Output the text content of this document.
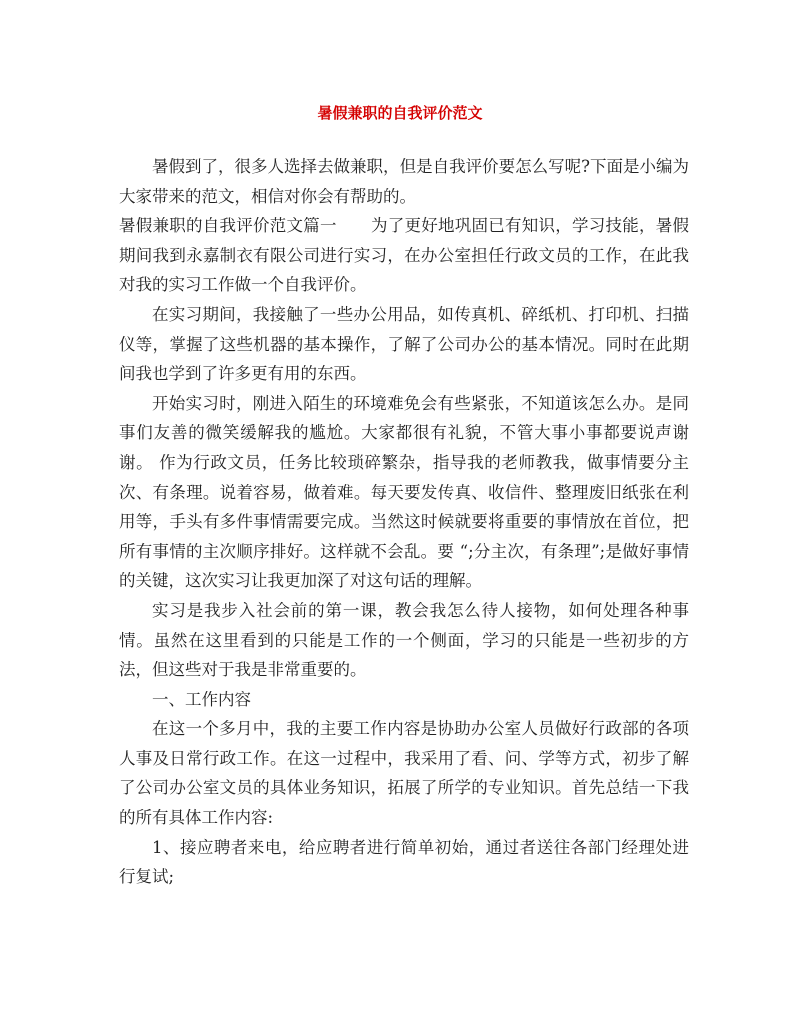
暑假兼职的自我评价范文

暑假到了，很多人选择去做兼职，但是自我评价要怎么写呢?下面是小编为大家带来的范文，相信对你会有帮助的。

暑假兼职的自我评价范文篇一 为了更好地巩固已有知识，学习技能，暑假期间我到永嘉制衣有限公司进行实习，在办公室担任行政文员的工作，在此我对我的实习工作做一个自我评价。

在实习期间，我接触了一些办公用品，如传真机、碎纸机、打印机、扫描仪等，掌握了这些机器的基本操作，了解了公司办公的基本情况。同时在此期间我也学到了许多更有用的东西。

开始实习时，刚进入陌生的环境难免会有些紧张，不知道该怎么办。是同事们友善的微笑缓解我的尴尬。大家都很有礼貌，不管大事小事都要说声谢谢。 作为行政文员，任务比较琐碎繁杂，指导我的老师教我，做事情要分主次、有条理。说着容易，做着难。每天要发传真、收信件、整理废旧纸张在利用等，手头有多件事情需要完成。当然这时候就要将重要的事情放在首位，把所有事情的主次顺序排好。这样就不会乱。要 “;分主次，有条理”;是做好事情的关键，这次实习让我更加深了对这句话的理解。

实习是我步入社会前的第一课，教会我怎么待人接物，如何处理各种事情。虽然在这里看到的只能是工作的一个侧面，学习的只能是一些初步的方法，但这些对于我是非常重要的。

一、工作内容

在这一个多月中，我的主要工作内容是协助办公室人员做好行政部的各项人事及日常行政工作。在这一过程中，我采用了看、问、学等方式，初步了解了公司办公室文员的具体业务知识，拓展了所学的专业知识。首先总结一下我的所有具体工作内容:

1、接应聘者来电，给应聘者进行简单初始，通过者送往各部门经理处进行复试;
